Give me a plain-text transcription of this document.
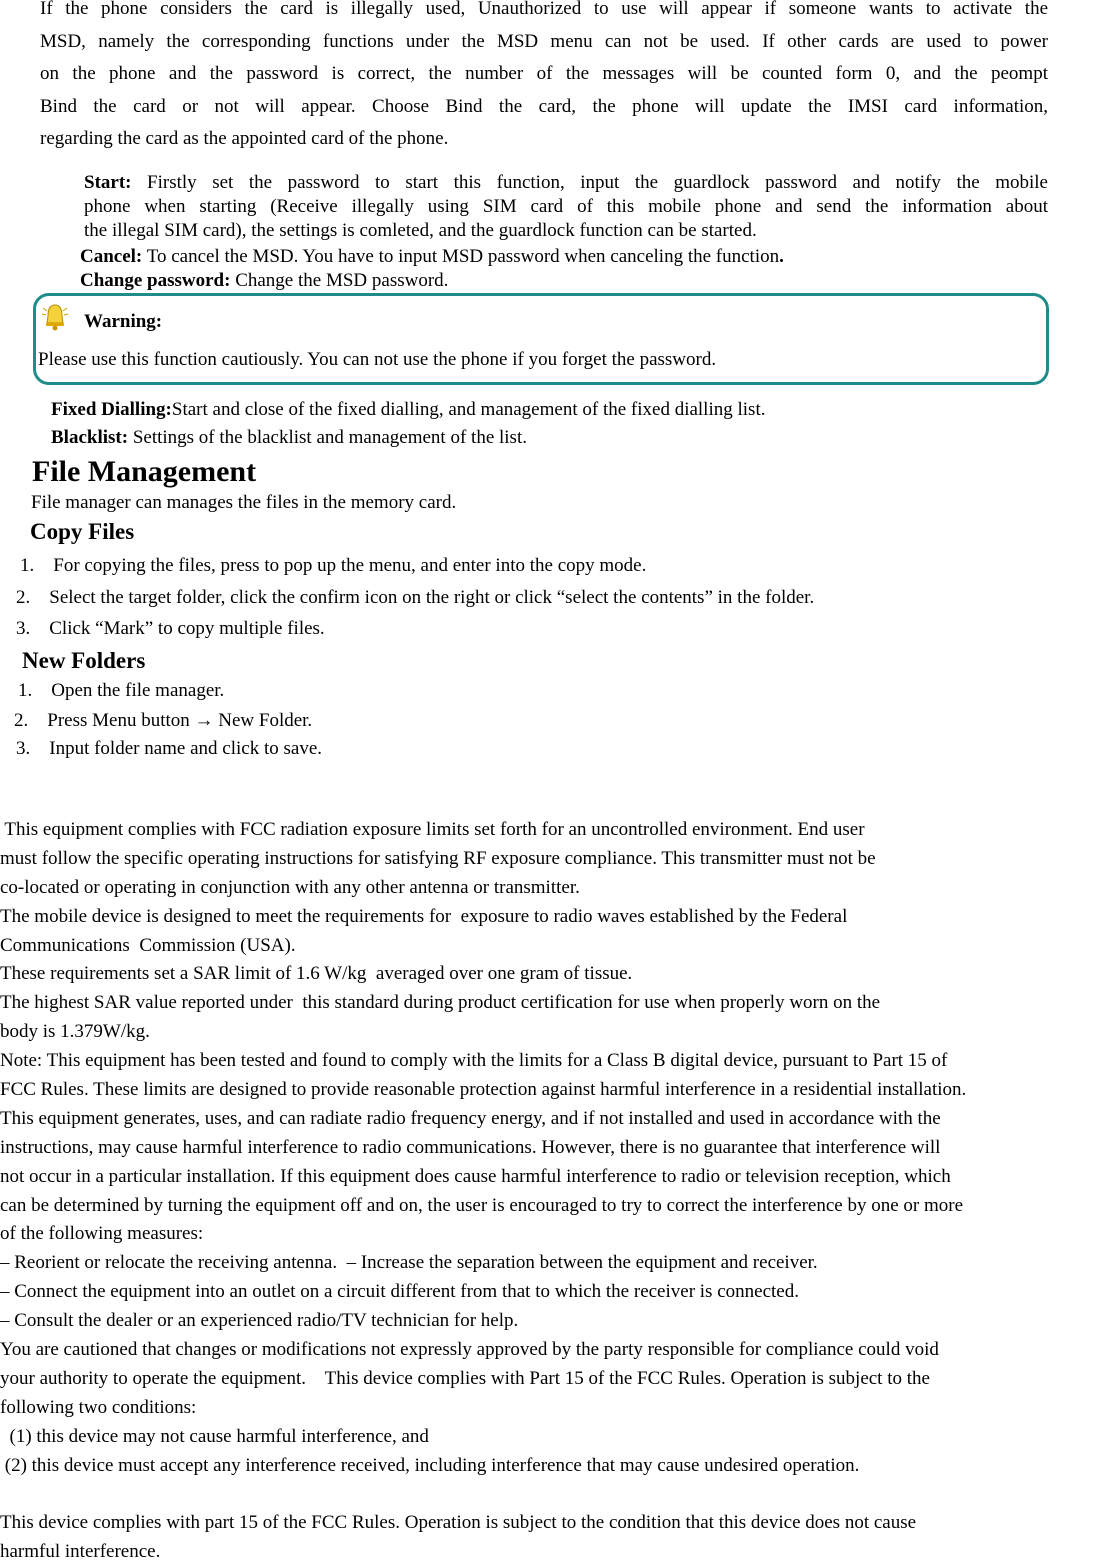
If the phone considers the card is illegally used, Unauthorized to use will appear if someone wants to activate the
MSD, namely the corresponding functions under the MSD menu can not be used. If other cards are used to power
on the phone and the password is correct, the number of the messages will be counted form 0, and the peompt
Bind the card or not will appear. Choose Bind the card, the phone will update the IMSI card information,
regarding the card as the appointed card of the phone.
Start: Firstly set the password to start this function, input the guardlock password and notify the mobile
phone when starting (Receive illegally using SIM card of this mobile phone and send the information about
the illegal SIM card), the settings is comleted, and the guardlock function can be started.
Cancel: To cancel the MSD. You have to input MSD password when canceling the function.
Change password: Change the MSD password.
Warning:
Please use this function cautiously. You can not use the phone if you forget the password.
Fixed Dialling:Start and close of the fixed dialling, and management of the fixed dialling list.
Blacklist: Settings of the blacklist and management of the list.
File Management
File manager can manages the files in the memory card.
Copy Files
1. For copying the files, press to pop up the menu, and enter into the copy mode.
2. Select the target folder, click the confirm icon on the right or click “select the contents” in the folder.
3. Click “Mark” to copy multiple files.
New Folders
1. Open the file manager.
2. Press Menu button → New Folder.
3. Input folder name and click to save.
This equipment complies with FCC radiation exposure limits set forth for an uncontrolled environment. End user
must follow the specific operating instructions for satisfying RF exposure compliance. This transmitter must not be
co-located or operating in conjunction with any other antenna or transmitter.
The mobile device is designed to meet the requirements for  exposure to radio waves established by the Federal
Communications  Commission (USA).
These requirements set a SAR limit of 1.6 W/kg  averaged over one gram of tissue.
The highest SAR value reported under  this standard during product certification for use when properly worn on the
body is 1.379W/kg.
Note: This equipment has been tested and found to comply with the limits for a Class B digital device, pursuant to Part 15 of
FCC Rules. These limits are designed to provide reasonable protection against harmful interference in a residential installation.
This equipment generates, uses, and can radiate radio frequency energy, and if not installed and used in accordance with the
instructions, may cause harmful interference to radio communications. However, there is no guarantee that interference will
not occur in a particular installation. If this equipment does cause harmful interference to radio or television reception, which
can be determined by turning the equipment off and on, the user is encouraged to try to correct the interference by one or more
of the following measures:
– Reorient or relocate the receiving antenna.  – Increase the separation between the equipment and receiver.
– Connect the equipment into an outlet on a circuit different from that to which the receiver is connected.
– Consult the dealer or an experienced radio/TV technician for help.
You are cautioned that changes or modifications not expressly approved by the party responsible for compliance could void
your authority to operate the equipment.    This device complies with Part 15 of the FCC Rules. Operation is subject to the
following two conditions:
(1) this device may not cause harmful interference, and
(2) this device must accept any interference received, including interference that may cause undesired operation.
This device complies with part 15 of the FCC Rules. Operation is subject to the condition that this device does not cause
harmful interference.
